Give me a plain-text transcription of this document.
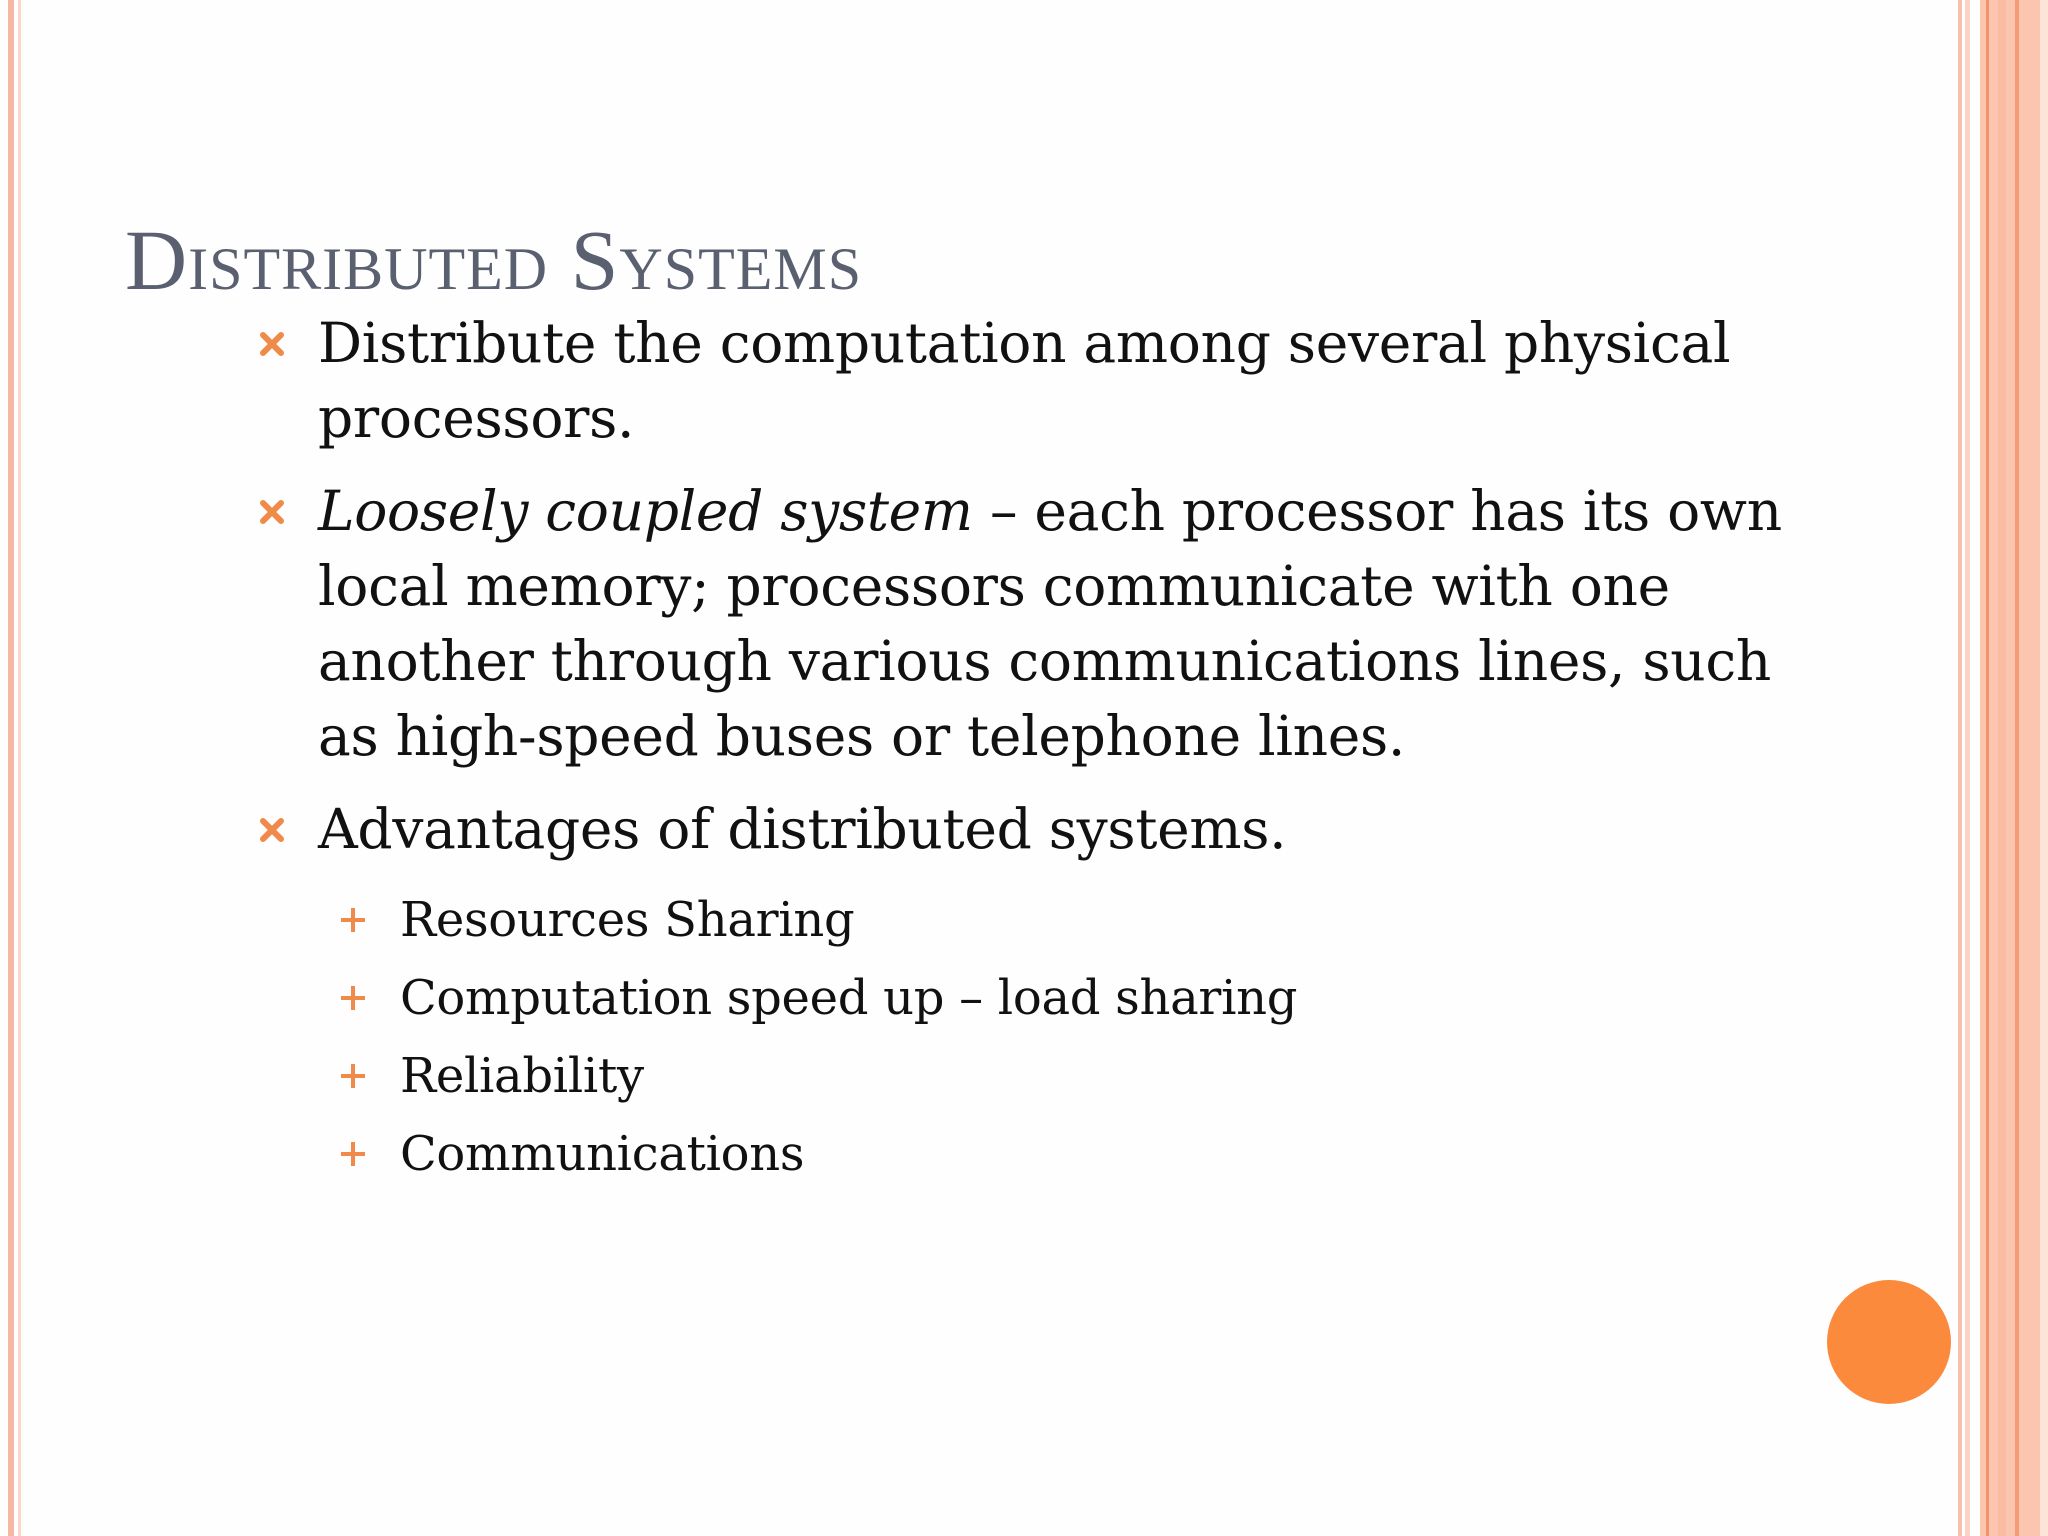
Distributed Systems
Distribute the computation among several physical processors.
Loosely coupled system – each processor has its own local memory; processors communicate with one another through various communications lines, such as high-speed buses or telephone lines.
Advantages of distributed systems.
Resources Sharing
Computation speed up – load sharing
Reliability
Communications
